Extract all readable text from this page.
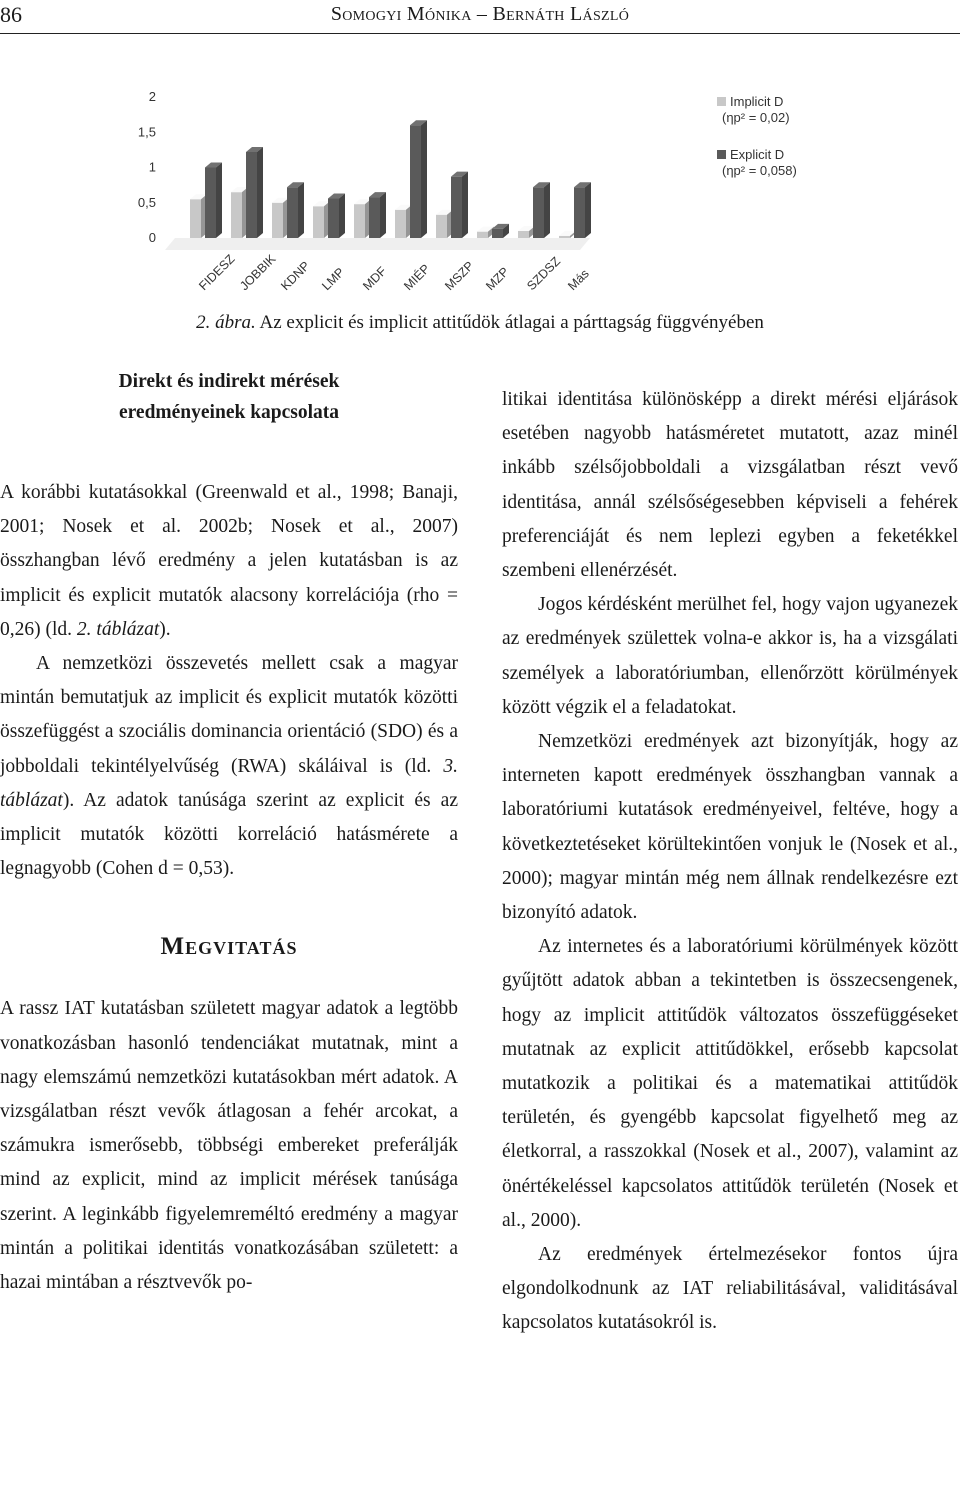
86	Somogyi Mónika – Bernáth László
0
0,5
1
1,5
2
FIDESZ JOBBIK KDNP LMP MDF MIÉP MSZP MZP SZDSZ Más
Implicit D
(ηp² = 0,02)
Explicit D
(ηp² = 0,058)
2. ábra. Az explicit és implicit attitűdök átlagai a párttagság függvényében

Direkt és indirekt mérések
eredményeinek kapcsolata

A korábbi kutatásokkal (Greenwald et al., 1998; Banaji, 2001; Nosek et al. 2002b; Nosek et al., 2007) összhangban lévő eredmény a jelen kutatásban is az implicit és explicit mutatók alacsony korrelációja (rho = 0,26) (ld. 2. táblázat).

A nemzetközi összevetés mellett csak a magyar mintán bemutatjuk az implicit és explicit mutatók közötti összefüggést a szociális dominancia orientáció (SDO) és a jobboldali tekintélyelvűség (RWA) skáláival is (ld. 3. táblázat). Az adatok tanúsága szerint az explicit és az implicit mutatók közötti korreláció hatásmérete a legnagyobb (Cohen d = 0,53).

Megvitatás

A rassz IAT kutatásban született magyar adatok a legtöbb vonatkozásban hasonló tendenciákat mutatnak, mint a nagy elemszámú nemzetközi kutatásokban mért adatok. A vizsgálatban részt vevők átlagosan a fehér arcokat, a számukra ismerősebb, többségi embereket preferálják mind az explicit, mind az implicit mérések tanúsága szerint. A leginkább figyelemreméltó eredmény a magyar mintán a politikai identitás vonatkozásában született: a hazai mintában a résztvevők po-

litikai identitása különösképp a direkt mérési eljárások esetében nagyobb hatásméretet mutatott, azaz minél inkább szélsőjobboldali a vizsgálatban részt vevő identitása, annál szélsőségesebben képviseli a fehérek preferenciáját és nem leplezi egyben a feketékkel szembeni ellenérzését.

Jogos kérdésként merülhet fel, hogy vajon ugyanezek az eredmények születtek volna-e akkor is, ha a vizsgálati személyek a laboratóriumban, ellenőrzött körülmények között végzik el a feladatokat.

Nemzetközi eredmények azt bizonyítják, hogy az interneten kapott eredmények összhangban vannak a laboratóriumi kutatások eredményeivel, feltéve, hogy a következtetéseket körültekintően vonjuk le (Nosek et al., 2000); magyar mintán még nem állnak rendelkezésre ezt bizonyító adatok.

Az internetes és a laboratóriumi körülmények között gyűjtött adatok abban a tekintetben is összecsengenek, hogy az implicit attitűdök változatos összefüggéseket mutatnak az explicit attitűdökkel, erősebb kapcsolat mutatkozik a politikai és a matematikai attitűdök területén, és gyengébb kapcsolat figyelhető meg az életkorral, a rasszokkal (Nosek et al., 2007), valamint az önértékeléssel kapcsolatos attitűdök területén (Nosek et al., 2000).

Az eredmények értelmezésekor fontos újra elgondolkodnunk az IAT reliabilitásával, validitásával kapcsolatos kutatásokról is.
